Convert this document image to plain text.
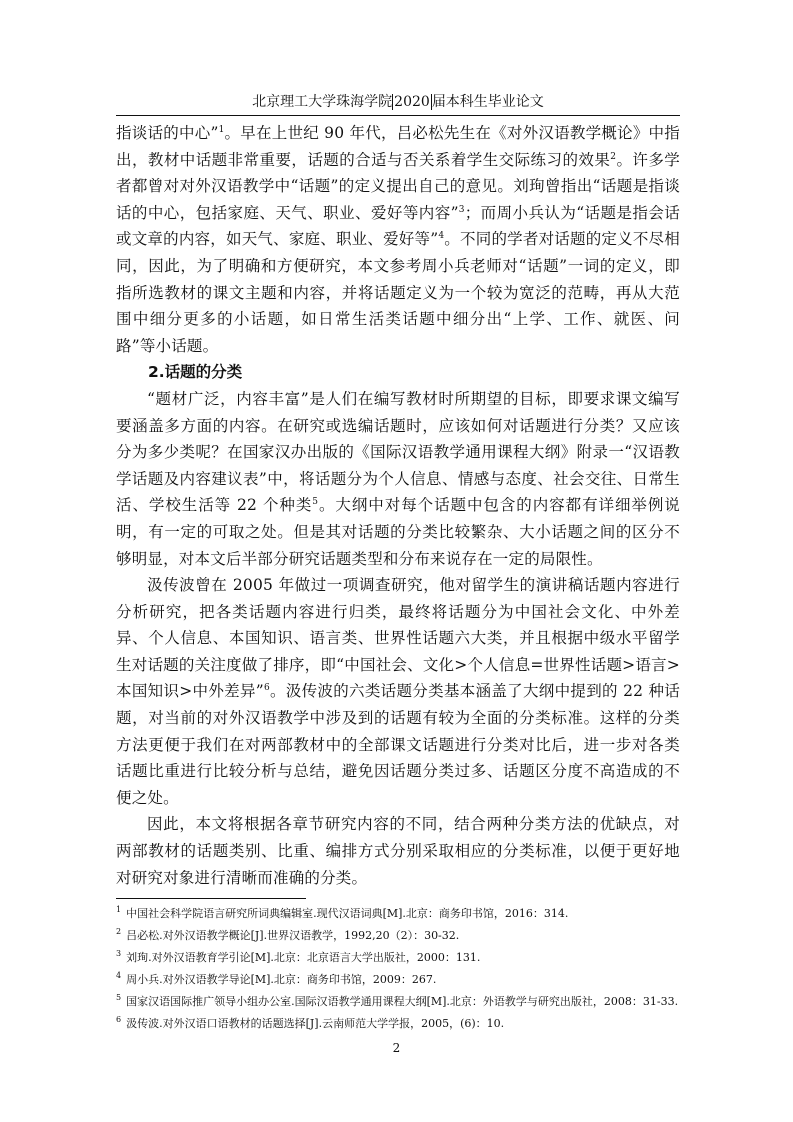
北京理工大学珠海学院 2020 届本科生毕业论文

指谈话的中心”$^1$。早在上世纪 90 年代，吕必松先生在《对外汉语教学概论》中指出，教材中话题非常重要，话题的合适与否关系着学生交际练习的效果$^2$。许多学者都曾对对外汉语教学中“话题”的定义提出自己的意见。刘珣曾指出“话题是指谈话的中心，包括家庭、天气、职业、爱好等内容”$^3$；而周小兵认为“话题是指会话或文章的内容，如天气、家庭、职业、爱好等”$^4$。不同的学者对话题的定义不尽相同，因此，为了明确和方便研究，本文参考周小兵老师对“话题”一词的定义，即指所选教材的课文主题和内容，并将话题定义为一个较为宽泛的范畴，再从大范围中细分更多的小话题，如日常生活类话题中细分出“上学、工作、就医、问路”等小话题。

2.话题的分类

“题材广泛，内容丰富”是人们在编写教材时所期望的目标，即要求课文编写要涵盖多方面的内容。在研究或选编话题时，应该如何对话题进行分类？又应该分为多少类呢？在国家汉办出版的《国际汉语教学通用课程大纲》附录一“汉语教学话题及内容建议表”中，将话题分为个人信息、情感与态度、社会交往、日常生活、学校生活等 22 个种类$^5$。大纲中对每个话题中包含的内容都有详细举例说明，有一定的可取之处。但是其对话题的分类比较繁杂、大小话题之间的区分不够明显，对本文后半部分研究话题类型和分布来说存在一定的局限性。

汲传波曾在 2005 年做过一项调查研究，他对留学生的演讲稿话题内容进行分析研究，把各类话题内容进行归类，最终将话题分为中国社会文化、中外差异、个人信息、本国知识、语言类、世界性话题六大类，并且根据中级水平留学生对话题的关注度做了排序，即“中国社会、文化>个人信息=世界性话题>语言>本国知识>中外差异”$^6$。汲传波的六类话题分类基本涵盖了大纲中提到的 22 种话题，对当前的对外汉语教学中涉及到的话题有较为全面的分类标准。这样的分类方法更便于我们在对两部教材中的全部课文话题进行分类对比后，进一步对各类话题比重进行比较分析与总结，避免因话题分类过多、话题区分度不高造成的不便之处。

因此，本文将根据各章节研究内容的不同，结合两种分类方法的优缺点，对两部教材的话题类别、比重、编排方式分别采取相应的分类标准，以便于更好地对研究对象进行清晰而准确的分类。

$^1$ 中国社会科学院语言研究所词典编辑室.现代汉语词典[M].北京：商务印书馆，2016：314.
$^2$ 吕必松.对外汉语教学概论[J].世界汉语教学，1992,20（2）：30-32.
$^3$ 刘珣.对外汉语教育学引论[M].北京：北京语言大学出版社，2000：131.
$^4$ 周小兵.对外汉语教学导论[M].北京：商务印书馆，2009：267.
$^5$ 国家汉语国际推广领导小组办公室.国际汉语教学通用课程大纲[M].北京：外语教学与研究出版社，2008：31-33.
$^6$ 汲传波.对外汉语口语教材的话题选择[J].云南师范大学学报，2005，(6)：10.
2
